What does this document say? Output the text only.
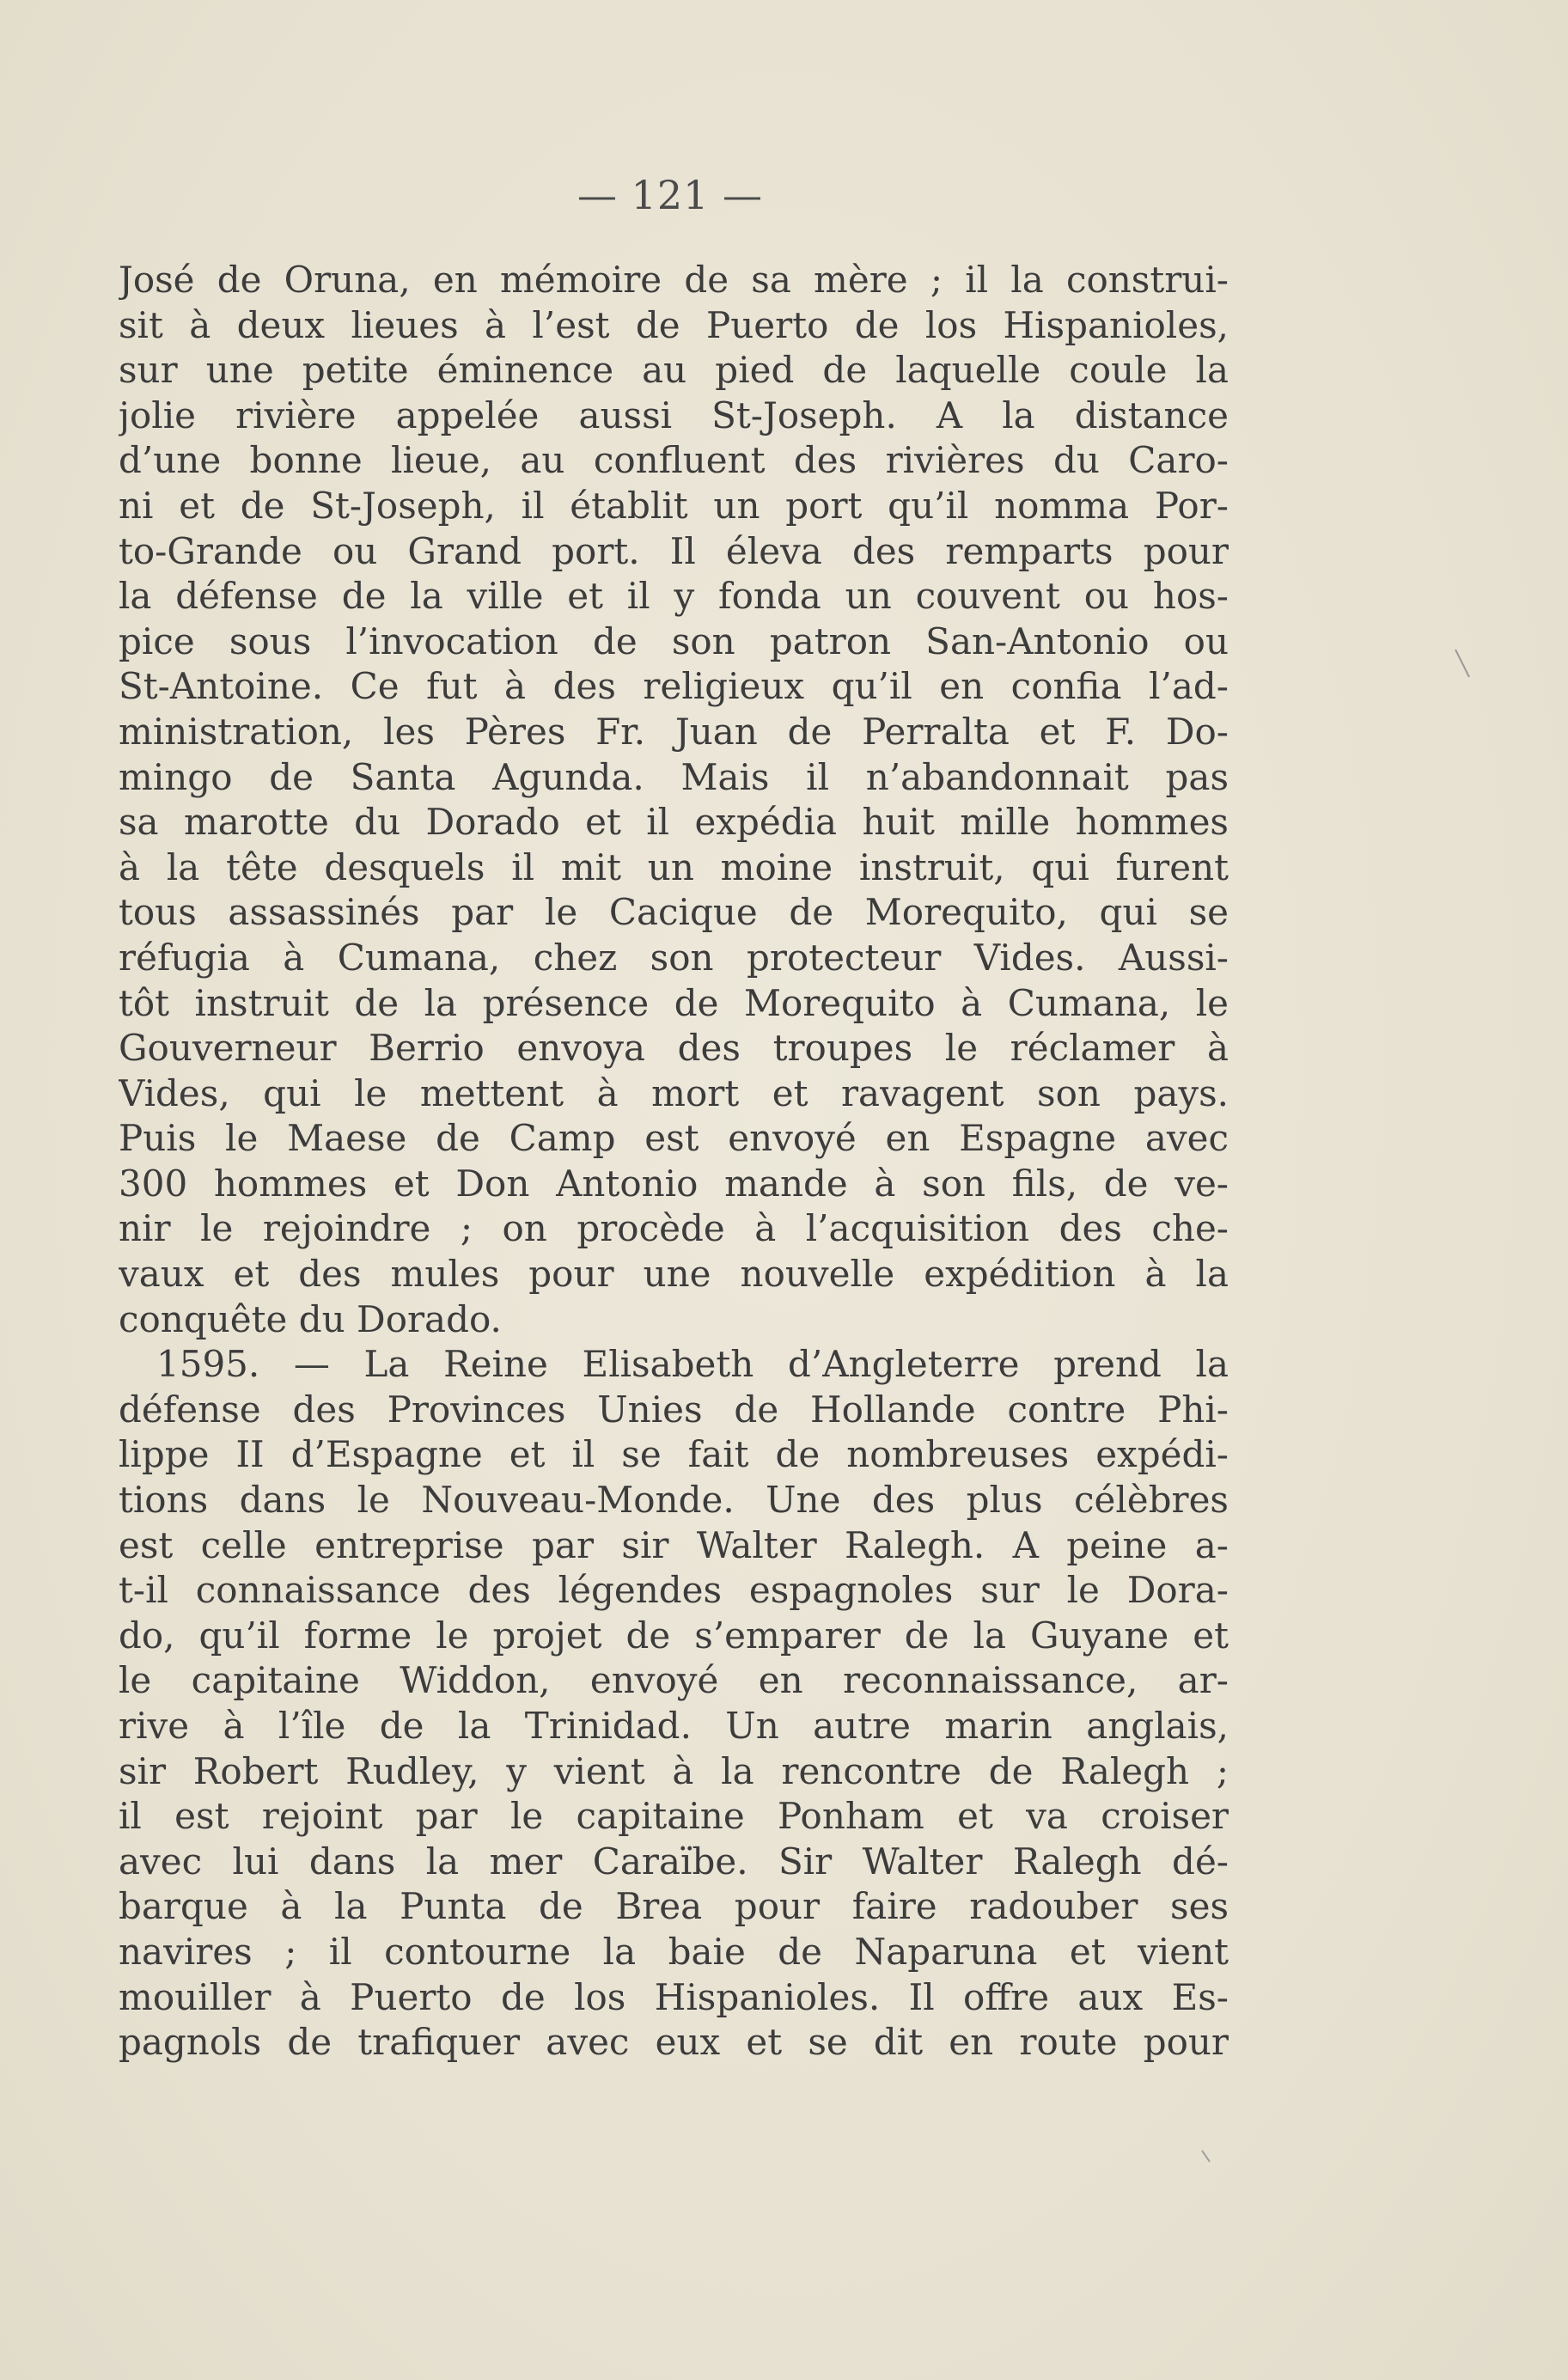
— 121 —
José de Oruna, en mémoire de sa mère ; il la construi-
sit à deux lieues à l’est de Puerto de los Hispanioles,
sur une petite éminence au pied de laquelle coule la
jolie rivière appelée aussi St-Joseph. A la distance
d’une bonne lieue, au confluent des rivières du Caro-
ni et de St-Joseph, il établit un port qu’il nomma Por-
to-Grande ou Grand port. Il éleva des remparts pour
la défense de la ville et il y fonda un couvent ou hos-
pice sous l’invocation de son patron San-Antonio ou
St-Antoine. Ce fut à des religieux qu’il en confia l’ad-
ministration, les Pères Fr. Juan de Perralta et F. Do-
mingo de Santa Agunda. Mais il n’abandonnait pas
sa marotte du Dorado et il expédia huit mille hommes
à la tête desquels il mit un moine instruit, qui furent
tous assassinés par le Cacique de Morequito, qui se
réfugia à Cumana, chez son protecteur Vides. Aussi-
tôt instruit de la présence de Morequito à Cumana, le
Gouverneur Berrio envoya des troupes le réclamer à
Vides, qui le mettent à mort et ravagent son pays.
Puis le Maese de Camp est envoyé en Espagne avec
300 hommes et Don Antonio mande à son fils, de ve-
nir le rejoindre ; on procède à l’acquisition des che-
vaux et des mules pour une nouvelle expédition à la
conquête du Dorado.
1595. — La Reine Elisabeth d’Angleterre prend la
défense des Provinces Unies de Hollande contre Phi-
lippe II d’Espagne et il se fait de nombreuses expédi-
tions dans le Nouveau-Monde. Une des plus célèbres
est celle entreprise par sir Walter Ralegh. A peine a-
t-il connaissance des légendes espagnoles sur le Dora-
do, qu’il forme le projet de s’emparer de la Guyane et
le capitaine Widdon, envoyé en reconnaissance, ar-
rive à l’île de la Trinidad. Un autre marin anglais,
sir Robert Rudley, y vient à la rencontre de Ralegh ;
il est rejoint par le capitaine Ponham et va croiser
avec lui dans la mer Caraïbe. Sir Walter Ralegh dé-
barque à la Punta de Brea pour faire radouber ses
navires ; il contourne la baie de Naparuna et vient
mouiller à Puerto de los Hispanioles. Il offre aux Es-
pagnols de trafiquer avec eux et se dit en route pour
